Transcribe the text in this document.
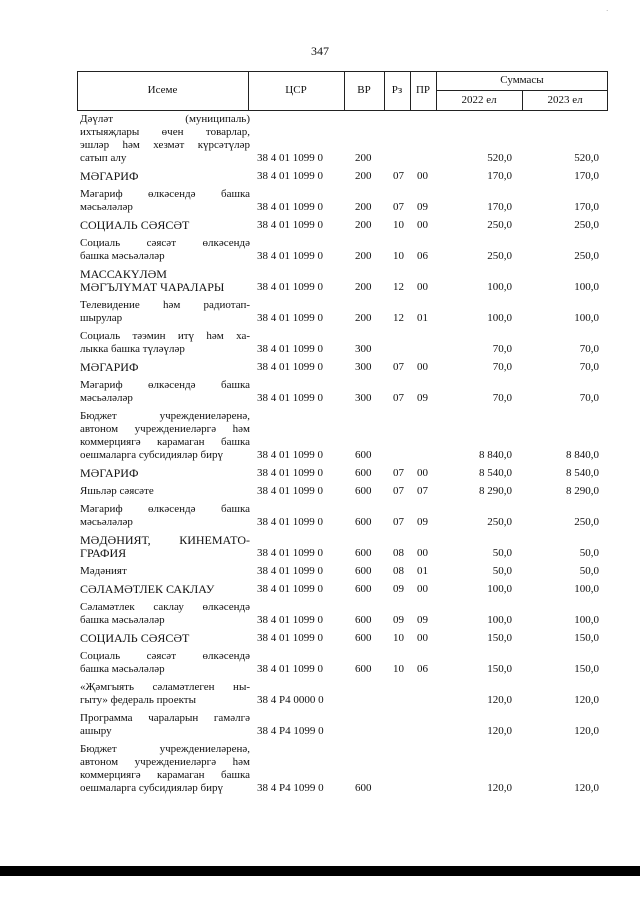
·
347
Исеме	ЦСР	ВР	Рз	ПР
Суммасы
2022 ел	2023 ел
Дәүләт (муниципаль)
ихтыяҗлары өчен товарлар,
эшләр һәм хезмәт күрсәтүләр
сатып алу	38 4 01 1099 0	200	520,0	520,0
МӘГАРИФ	38 4 01 1099 0	200 07 00	170,0	170,0
Мәгариф өлкәсендә башка
мәсьәләләр	38 4 01 1099 0	200 07 09	170,0	170,0
СОЦИАЛЬ СӘЯСӘТ	38 4 01 1099 0	200 10 00	250,0	250,0
Социаль сәясәт өлкәсендә
башка мәсьәләләр	38 4 01 1099 0	200 10 06	250,0	250,0
МАССАКҮЛӘМ
МӘГЪЛҮМАТ ЧАРАЛАРЫ	38 4 01 1099 0	200 12 00	100,0	100,0
Телевидение һәм радиотап-
шырулар	38 4 01 1099 0	200 12 01	100,0	100,0
Социаль тәэмин итү һәм ха-
лыкка башка түләүләр	38 4 01 1099 0	300	70,0	70,0
МӘГАРИФ	38 4 01 1099 0	300 07 00	70,0	70,0
Мәгариф өлкәсендә башка
мәсьәләләр	38 4 01 1099 0	300 07 09	70,0	70,0
Бюджет учреждениеләренә,
автоном учреждениеләргә һәм
коммерциягә карамаган башка
оешмаларга субсидияләр бирү	38 4 01 1099 0	600	8 840,0	8 840,0
МӘГАРИФ	38 4 01 1099 0	600 07 00	8 540,0	8 540,0
Яшьләр сәясәте	38 4 01 1099 0	600 07 07	8 290,0	8 290,0
Мәгариф өлкәсендә башка
мәсьәләләр	38 4 01 1099 0	600 07 09	250,0	250,0
МӘДӘНИЯТ, КИНЕМАТО-
ГРАФИЯ	38 4 01 1099 0	600 08 00	50,0	50,0
Мәдәният	38 4 01 1099 0	600 08 01	50,0	50,0
СӘЛАМӘТЛЕК САКЛАУ	38 4 01 1099 0	600 09 00	100,0	100,0
Сәламәтлек саклау өлкәсендә
башка мәсьәләләр	38 4 01 1099 0	600 09 09	100,0	100,0
СОЦИАЛЬ СӘЯСӘТ	38 4 01 1099 0	600 10 00	150,0	150,0
Социаль сәясәт өлкәсендә
башка мәсьәләләр	38 4 01 1099 0	600 10 06	150,0	150,0
«Җәмгыять сәламәтлеген ны-
гыту» федераль проекты	38 4 P4 0000 0	120,0	120,0
Программа чараларын гамәлгә
ашыру	38 4 P4 1099 0	120,0	120,0
Бюджет учреждениеләренә,
автоном учреждениеләргә һәм
коммерциягә карамаган башка
оешмаларга субсидияләр бирү	38 4 P4 1099 0	600	120,0	120,0
